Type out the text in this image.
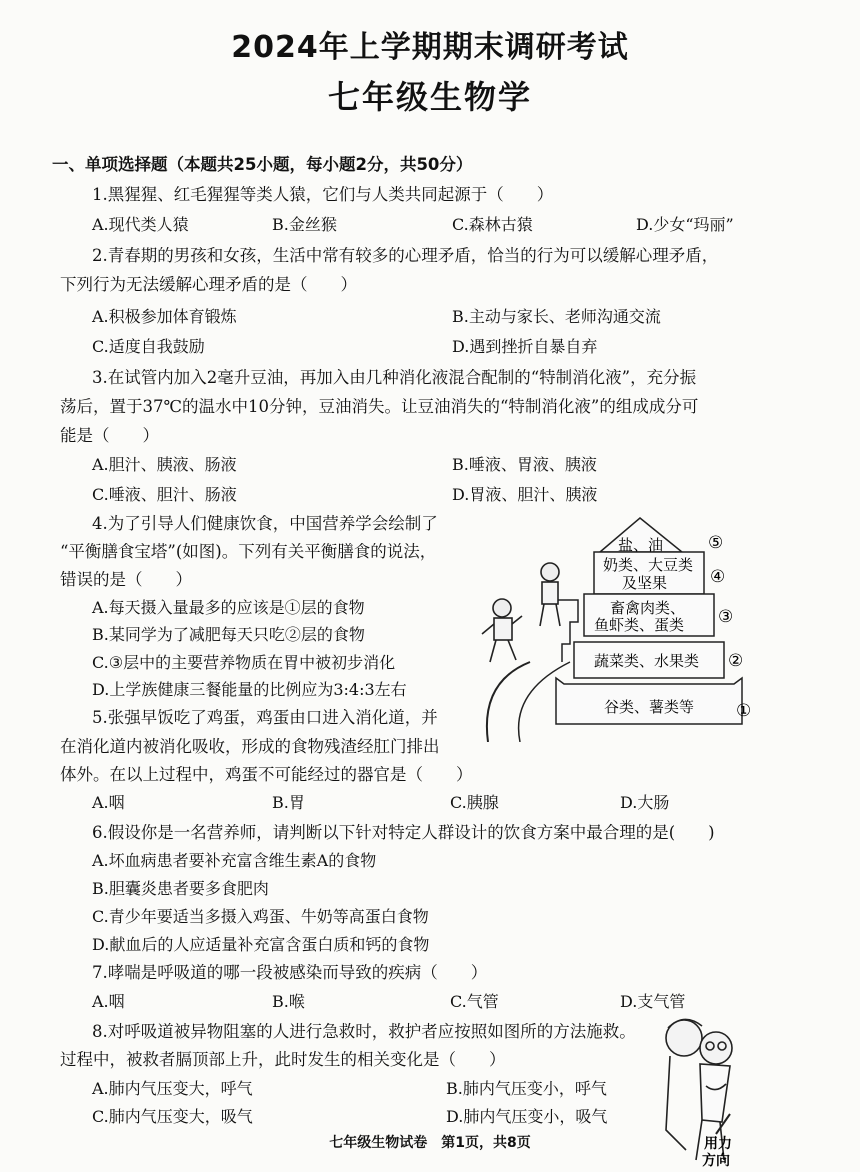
2024年上学期期末调研考试
七年级生物学
一、单项选择题（本题共25小题，每小题2分，共50分）
1.黑猩猩、红毛猩猩等类人猿，它们与人类共同起源于（　　）
A.现代类人猿	B.金丝猴	C.森林古猿	D.少女“玛丽”
2.青春期的男孩和女孩，生活中常有较多的心理矛盾，恰当的行为可以缓解心理矛盾，
下列行为无法缓解心理矛盾的是（　　）
A.积极参加体育锻炼	B.主动与家长、老师沟通交流
C.适度自我鼓励	D.遇到挫折自暴自弃
3.在试管内加入2毫升豆油，再加入由几种消化液混合配制的“特制消化液”，充分振
荡后，置于37℃的温水中10分钟，豆油消失。让豆油消失的“特制消化液”的组成成分可
能是（　　）
A.胆汁、胰液、肠液	B.唾液、胃液、胰液
C.唾液、胆汁、肠液	D.胃液、胆汁、胰液
4.为了引导人们健康饮食，中国营养学会绘制了
“平衡膳食宝塔”(如图)。下列有关平衡膳食的说法，
错误的是（　　）
A.每天摄入量最多的应该是①层的食物
B.某同学为了减肥每天只吃②层的食物
C.③层中的主要营养物质在胃中被初步消化
D.上学族健康三餐能量的比例应为3:4:3左右
盐、油
奶类、大豆类
及坚果
畜禽肉类、
鱼虾类、蛋类
蔬菜类、水果类
谷类、薯类等
⑤
④
③
②
①
5.张强早饭吃了鸡蛋，鸡蛋由口进入消化道，并
在消化道内被消化吸收，形成的食物残渣经肛门排出
体外。在以上过程中，鸡蛋不可能经过的器官是（　　）
A.咽	B.胃	C.胰腺	D.大肠
6.假设你是一名营养师，请判断以下针对特定人群设计的饮食方案中最合理的是(　　)
A.坏血病患者要补充富含维生素A的食物
B.胆囊炎患者要多食肥肉
C.青少年要适当多摄入鸡蛋、牛奶等高蛋白食物
D.献血后的人应适量补充富含蛋白质和钙的食物
7.哮喘是呼吸道的哪一段被感染而导致的疾病（　　）
A.咽	B.喉	C.气管	D.支气管
8.对呼吸道被异物阻塞的人进行急救时，救护者应按照如图所的方法施救。
过程中，被救者膈顶部上升，此时发生的相关变化是（　　）
A.肺内气压变大，呼气	B.肺内气压变小，呼气
C.肺内气压变大，吸气	D.肺内气压变小，吸气
用力
方向
七年级生物试卷　第1页，共8页
